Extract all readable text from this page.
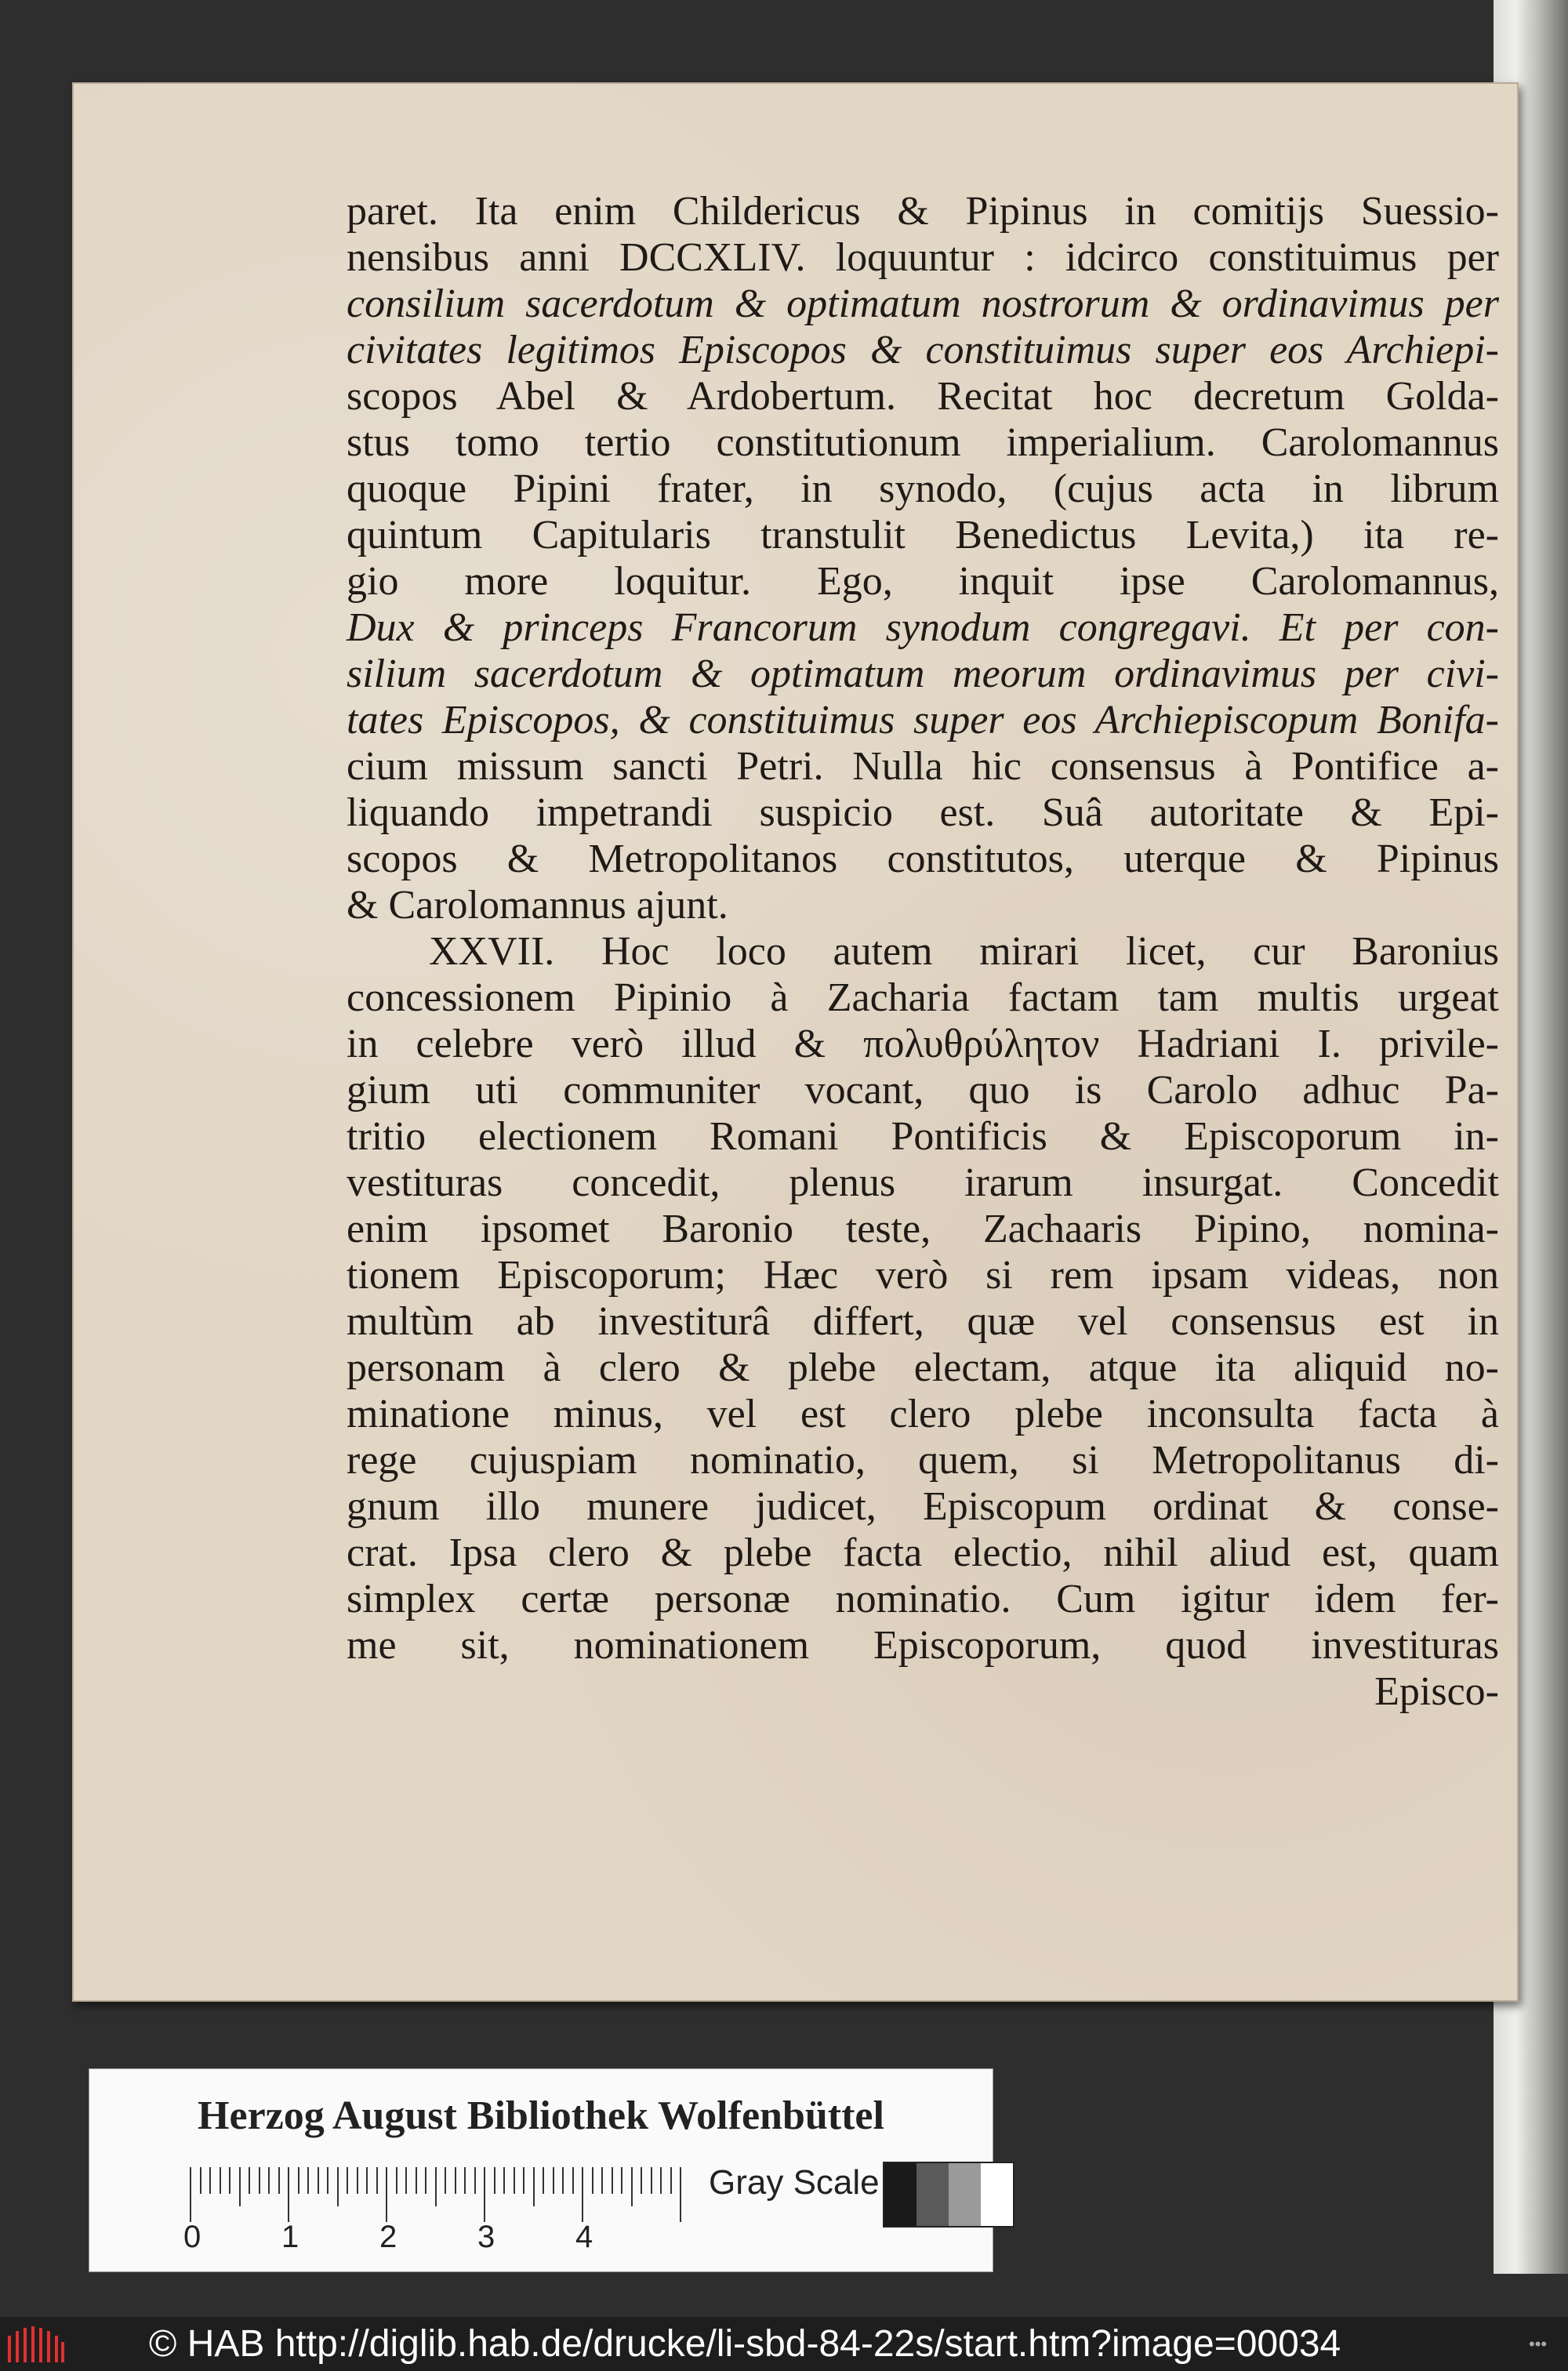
paret. Ita enim Childericus & Pipinus in comitijs Suessio-
nensibus anni DCCXLIV. loquuntur : idcirco constituimus per
consilium sacerdotum & optimatum nostrorum & ordinavimus per
civitates legitimos Episcopos & constituimus super eos Archiepi-
scopos Abel & Ardobertum. Recitat hoc decretum Golda-
stus tomo tertio constitutionum imperialium. Carolomannus
quoque Pipini frater, in synodo, (cujus acta in librum
quintum Capitularis transtulit Benedictus Levita,) ita re-
gio more loquitur. Ego, inquit ipse Carolomannus,
Dux & princeps Francorum synodum congregavi. Et per con-
silium sacerdotum & optimatum meorum ordinavimus per civi-
tates Episcopos, & constituimus super eos Archiepiscopum Bonifa-
cium missum sancti Petri. Nulla hic consensus à Pontifice a-
liquando impetrandi suspicio est. Suâ autoritate & Epi-
scopos & Metropolitanos constitutos, uterque & Pipinus
& Carolomannus ajunt.
XXVII. Hoc loco autem mirari licet, cur Baronius
concessionem Pipinio à Zacharia factam tam multis urgeat
in celebre verò illud & πολυθρύλητον Hadriani I. privile-
gium uti communiter vocant, quo is Carolo adhuc Pa-
tritio electionem Romani Pontificis & Episcoporum in-
vestituras concedit, plenus irarum insurgat. Concedit
enim ipsomet Baronio teste, Zachaaris Pipino, nomina-
tionem Episcoporum; Hæc verò si rem ipsam videas, non
multùm ab investiturâ differt, quæ vel consensus est in
personam à clero & plebe electam, atque ita aliquid no-
minatione minus, vel est clero plebe inconsulta facta à
rege cujuspiam nominatio, quem, si Metropolitanus di-
gnum illo munere judicet, Episcopum ordinat & conse-
crat. Ipsa clero & plebe facta electio, nihil aliud est, quam
simplex certæ personæ nominatio. Cum igitur idem fer-
me sit, nominationem Episcoporum, quod investituras
Episco-
Herzog August Bibliothek Wolfenbüttel
0	1	2	3	4
Gray Scale
© HAB http://diglib.hab.de/drucke/li-sbd-84-22s/start.htm?image=00034	•••
